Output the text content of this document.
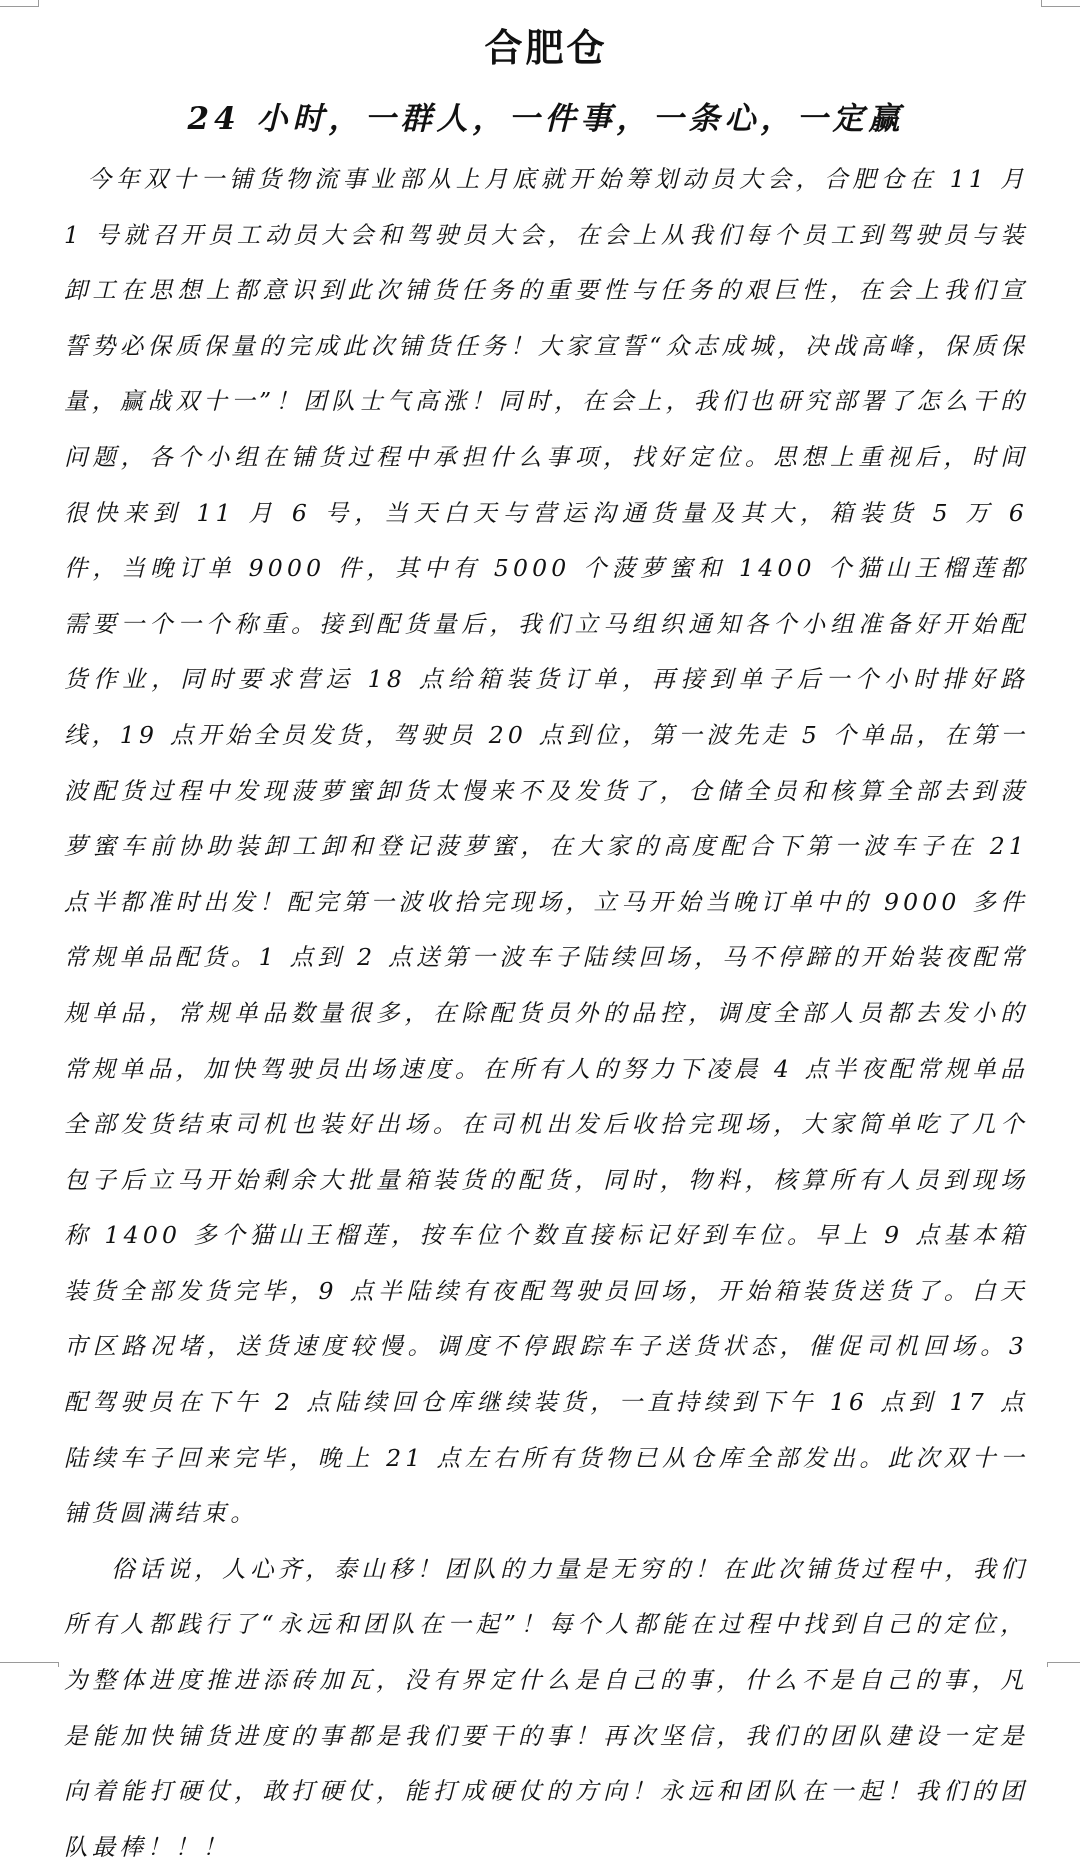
合肥仓
24 小时，一群人，一件事，一条心，一定赢

今年双十一铺货物流事业部从上月底就开始筹划动员大会，合肥仓在 11 月 1 号就召开员工动员大会和驾驶员大会，在会上从我们每个员工到驾驶员与装卸工在思想上都意识到此次铺货任务的重要性与任务的艰巨性，在会上我们宣誓势必保质保量的完成此次铺货任务！大家宣誓“众志成城，决战高峰，保质保量，赢战双十一”！团队士气高涨！同时，在会上，我们也研究部署了怎么干的问题，各个小组在铺货过程中承担什么事项，找好定位。思想上重视后，时间很快来到 11 月 6 号，当天白天与营运沟通货量及其大，箱装货 5 万 6 件，当晚订单 9000 件，其中有 5000 个菠萝蜜和 1400 个猫山王榴莲都需要一个一个称重。接到配货量后，我们立马组织通知各个小组准备好开始配货作业，同时要求营运 18 点给箱装货订单，再接到单子后一个小时排好路线，19 点开始全员发货，驾驶员 20 点到位，第一波先走 5 个单品，在第一波配货过程中发现菠萝蜜卸货太慢来不及发货了，仓储全员和核算全部去到菠萝蜜车前协助装卸工卸和登记菠萝蜜，在大家的高度配合下第一波车子在 21 点半都准时出发！配完第一波收拾完现场，立马开始当晚订单中的 9000 多件常规单品配货。1 点到 2 点送第一波车子陆续回场，马不停蹄的开始装夜配常规单品，常规单品数量很多，在除配货员外的品控，调度全部人员都去发小的常规单品，加快驾驶员出场速度。在所有人的努力下凌晨 4 点半夜配常规单品全部发货结束司机也装好出场。在司机出发后收拾完现场，大家简单吃了几个包子后立马开始剩余大批量箱装货的配货，同时，物料，核算所有人员到现场称 1400 多个猫山王榴莲，按车位个数直接标记好到车位。早上 9 点基本箱装货全部发货完毕，9 点半陆续有夜配驾驶员回场，开始箱装货送货了。白天市区路况堵，送货速度较慢。调度不停跟踪车子送货状态，催促司机回场。3 配驾驶员在下午 2 点陆续回仓库继续装货，一直持续到下午 16 点到 17 点陆续车子回来完毕，晚上 21 点左右所有货物已从仓库全部发出。此次双十一铺货圆满结束。

俗话说，人心齐，泰山移！团队的力量是无穷的！在此次铺货过程中，我们所有人都践行了“永远和团队在一起”！每个人都能在过程中找到自己的定位，为整体进度推进添砖加瓦，没有界定什么是自己的事，什么不是自己的事，凡是能加快铺货进度的事都是我们要干的事！再次坚信，我们的团队建设一定是向着能打硬仗，敢打硬仗，能打成硬仗的方向！永远和团队在一起！我们的团队最棒！！！
